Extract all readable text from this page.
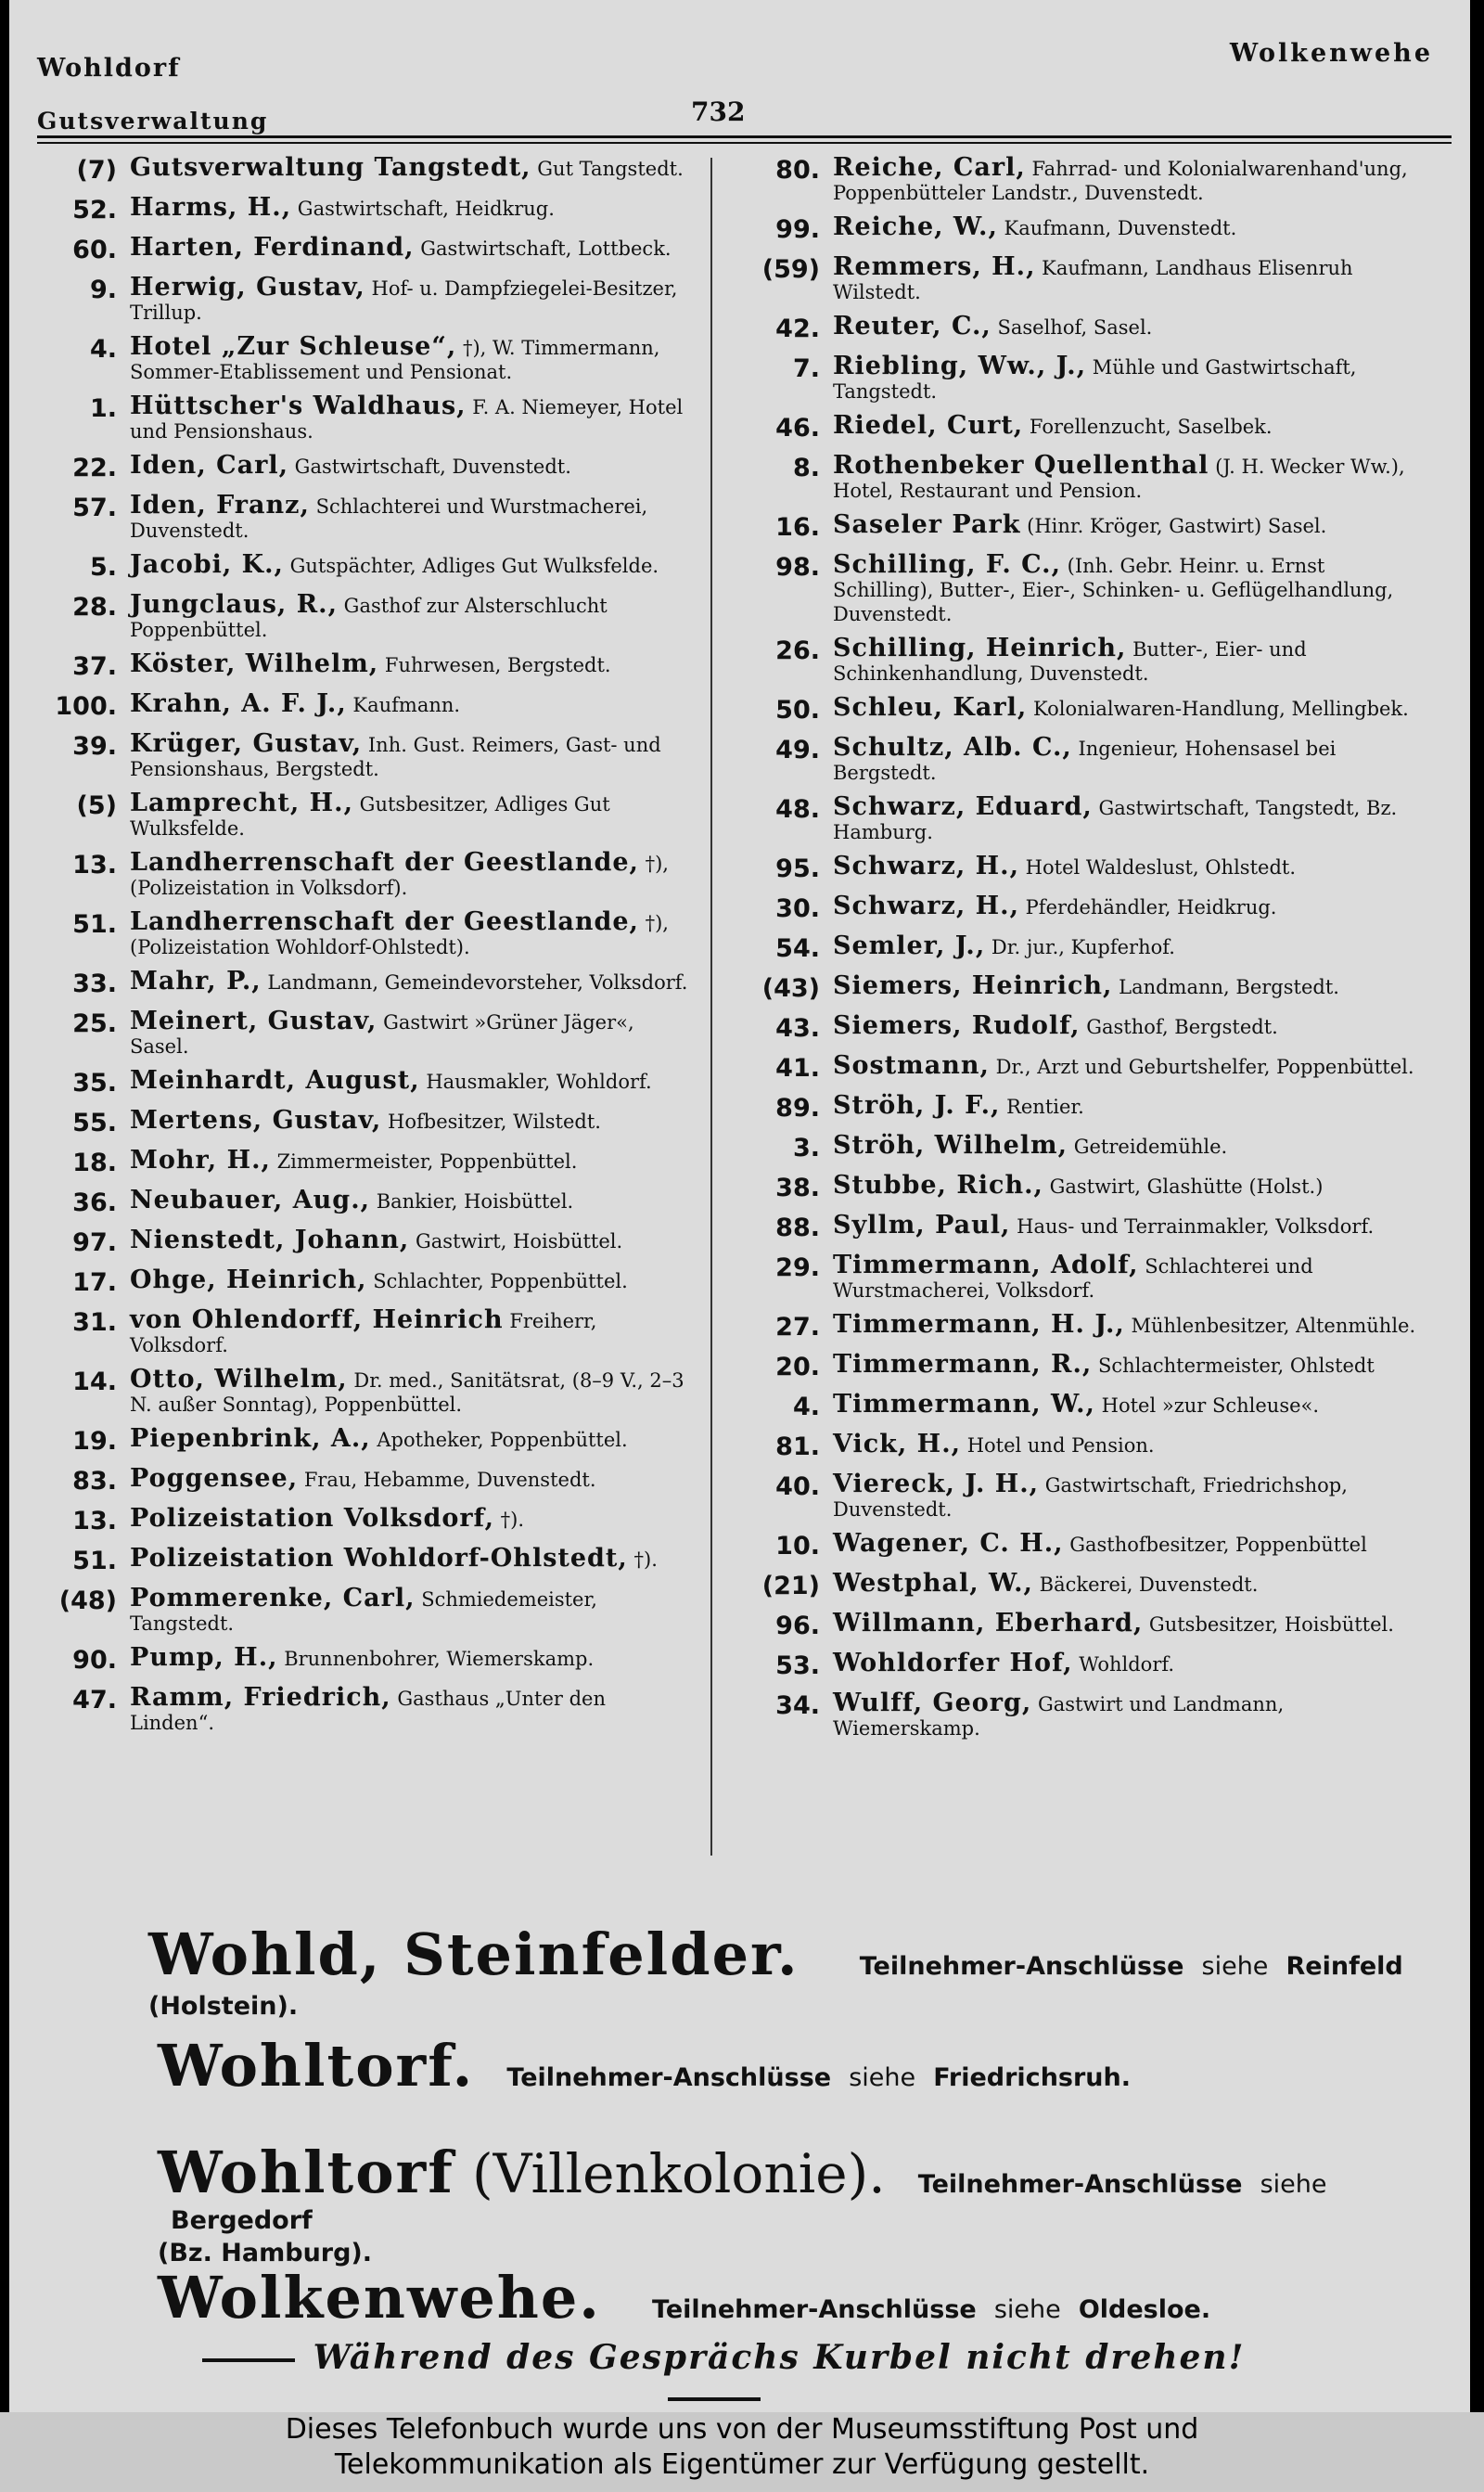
Wohldorf
Gutsverwaltung	732
Wolkenwehe
(7) Gutsverwaltung Tangstedt, Gut Tangstedt.
52. Harms, H., Gastwirtschaft, Heidkrug.
60. Harten, Ferdinand, Gastwirtschaft, Lottbeck.
9. Herwig, Gustav, Hof- u. Dampfziegelei-Besitzer, Trillup.
4. Hotel „Zur Schleuse“, †), W. Timmermann, Sommer-Etablissement und Pensionat.
1. Hüttscher's Waldhaus, F. A. Niemeyer, Hotel und Pensionshaus.
22. Iden, Carl, Gastwirtschaft, Duvenstedt.
57. Iden, Franz, Schlachterei und Wurstmacherei, Duvenstedt.
5. Jacobi, K., Gutspächter, Adliges Gut Wulksfelde.
28. Jungclaus, R., Gasthof zur Alsterschlucht Poppenbüttel.
37. Köster, Wilhelm, Fuhrwesen, Bergstedt.
100. Krahn, A. F. J., Kaufmann.
39. Krüger, Gustav, Inh. Gust. Reimers, Gast- und Pensionshaus, Bergstedt.
(5) Lamprecht, H., Gutsbesitzer, Adliges Gut Wulksfelde.
13. Landherrenschaft der Geestlande, †), (Polizeistation in Volksdorf).
51. Landherrenschaft der Geestlande, †), (Polizeistation Wohldorf-Ohlstedt).
33. Mahr, P., Landmann, Gemeindevorsteher, Volksdorf.
25. Meinert, Gustav, Gastwirt »Grüner Jäger«, Sasel.
35. Meinhardt, August, Hausmakler, Wohldorf.
55. Mertens, Gustav, Hofbesitzer, Wilstedt.
18. Mohr, H., Zimmermeister, Poppenbüttel.
36. Neubauer, Aug., Bankier, Hoisbüttel.
97. Nienstedt, Johann, Gastwirt, Hoisbüttel.
17. Ohge, Heinrich, Schlachter, Poppenbüttel.
31. von Ohlendorff, Heinrich Freiherr, Volksdorf.
14. Otto, Wilhelm, Dr. med., Sanitätsrat, (8–9 V., 2–3 N. außer Sonntag), Poppenbüttel.
19. Piepenbrink, A., Apotheker, Poppenbüttel.
83. Poggensee, Frau, Hebamme, Duvenstedt.
13. Polizeistation Volksdorf, †).
51. Polizeistation Wohldorf-Ohlstedt, †).
(48) Pommerenke, Carl, Schmiedemeister, Tangstedt.
90. Pump, H., Brunnenbohrer, Wiemerskamp.
47. Ramm, Friedrich, Gasthaus „Unter den Linden“.
80. Reiche, Carl, Fahrrad- und Kolonialwarenhand'ung, Poppenbütteler Landstr., Duvenstedt.
99. Reiche, W., Kaufmann, Duvenstedt.
(59) Remmers, H., Kaufmann, Landhaus Elisenruh Wilstedt.
42. Reuter, C., Saselhof, Sasel.
7. Riebling, Ww., J., Mühle und Gastwirtschaft, Tangstedt.
46. Riedel, Curt, Forellenzucht, Saselbek.
8. Rothenbeker Quellenthal (J. H. Wecker Ww.), Hotel, Restaurant und Pension.
16. Saseler Park (Hinr. Kröger, Gastwirt) Sasel.
98. Schilling, F. C., (Inh. Gebr. Heinr. u. Ernst Schilling), Butter-, Eier-, Schinken- u. Geflügelhandlung, Duvenstedt.
26. Schilling, Heinrich, Butter-, Eier- und Schinkenhandlung, Duvenstedt.
50. Schleu, Karl, Kolonialwaren-Handlung, Mellingbek.
49. Schultz, Alb. C., Ingenieur, Hohensasel bei Bergstedt.
48. Schwarz, Eduard, Gastwirtschaft, Tangstedt, Bz. Hamburg.
95. Schwarz, H., Hotel Waldeslust, Ohlstedt.
30. Schwarz, H., Pferdehändler, Heidkrug.
54. Semler, J., Dr. jur., Kupferhof.
(43) Siemers, Heinrich, Landmann, Bergstedt.
43. Siemers, Rudolf, Gasthof, Bergstedt.
41. Sostmann, Dr., Arzt und Geburtshelfer, Poppenbüttel.
89. Ströh, J. F., Rentier.
3. Ströh, Wilhelm, Getreidemühle.
38. Stubbe, Rich., Gastwirt, Glashütte (Holst.)
88. Syllm, Paul, Haus- und Terrainmakler, Volksdorf.
29. Timmermann, Adolf, Schlachterei und Wurstmacherei, Volksdorf.
27. Timmermann, H. J., Mühlenbesitzer, Altenmühle.
20. Timmermann, R., Schlachtermeister, Ohlstedt
4. Timmermann, W., Hotel »zur Schleuse«.
81. Vick, H., Hotel und Pension.
40. Viereck, J. H., Gastwirtschaft, Friedrichshop, Duvenstedt.
10. Wagener, C. H., Gasthofbesitzer, Poppenbüttel
(21) Westphal, W., Bäckerei, Duvenstedt.
96. Willmann, Eberhard, Gutsbesitzer, Hoisbüttel.
53. Wohldorfer Hof, Wohldorf.
34. Wulff, Georg, Gastwirt und Landmann, Wiemerskamp.
Wohld, Steinfelder. Teilnehmer-Anschlüsse siehe Reinfeld
(Holstein).
Wohltorf. Teilnehmer-Anschlüsse siehe Friedrichsruh.
Wohltorf (Villenkolonie). Teilnehmer-Anschlüsse siehe Bergedorf
(Bz. Hamburg).
Wolkenwehe. Teilnehmer-Anschlüsse siehe Oldesloe.
Während des Gesprächs Kurbel nicht drehen!
Dieses Telefonbuch wurde uns von der Museumsstiftung Post und
Telekommunikation als Eigentümer zur Verfügung gestellt.
